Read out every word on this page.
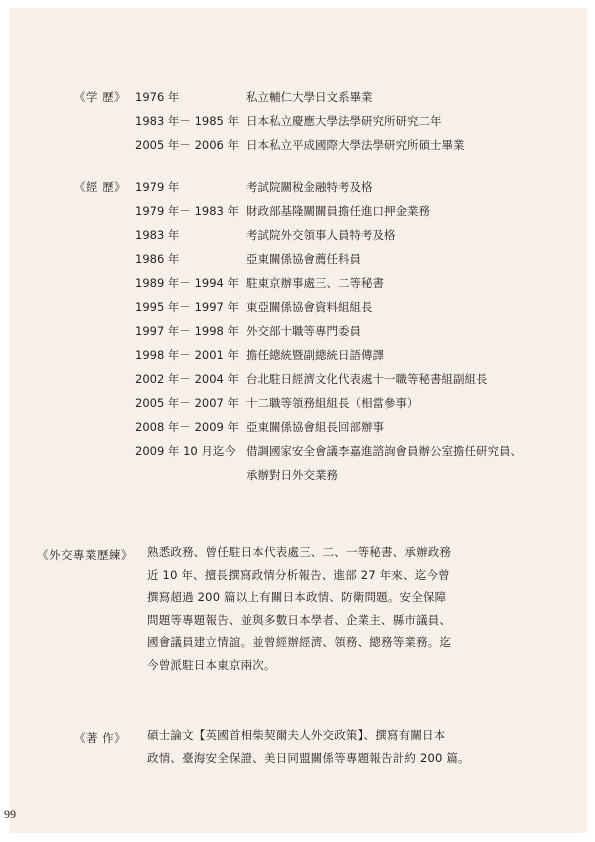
《学 歷》 1976 年	私立輔仁大學日文系畢業
1983 年－ 1985 年 日本私立慶應大學法學研究所研究二年
2005 年－ 2006 年 日本私立平成國際大學法學研究所碩士畢業
《經 歷》 1979 年	考試院關稅金融特考及格
1979 年－ 1983 年 財政部基隆關關員擔任進口押金業務
1983 年	考試院外交領事人員特考及格
1986 年	亞東關係協會薦任科員
1989 年－ 1994 年 駐東京辦事處三、二等秘書
1995 年－ 1997 年 東亞關係協會資料組組長
1997 年－ 1998 年 外交部十職等專門委員
1998 年－ 2001 年 擔任總統暨副總統日語傳譯
2002 年－ 2004 年 台北駐日經濟文化代表處十一職等秘書組副組長
2005 年－ 2007 年 十二職等領務組組長（相當參事）
2008 年－ 2009 年 亞東關係協會組長回部辦事
2009 年 10 月迄今 借調國家安全會議李嘉進諮詢會員辦公室擔任研究員、
承辦對日外交業務
《外交專業歷練》 熟悉政務、曾任駐日本代表處三、二、一等秘書、承辦政務
近 10 年、擅長撰寫政情分析報告、進部 27 年來、迄今曾
撰寫超過 200 篇以上有關日本政情、防衛問題。安全保障
問題等專題報告、並與多數日本學者、企業主、縣市議員、
國會議員建立情誼。並曾經辦經濟、領務、總務等業務。迄
今曾派駐日本東京兩次。
《著 作》 碩士論文【英國首相柴契爾夫人外交政策】、撰寫有關日本
政情、臺海安全保證、美日同盟關係等專題報告計約 200 篇。
99
